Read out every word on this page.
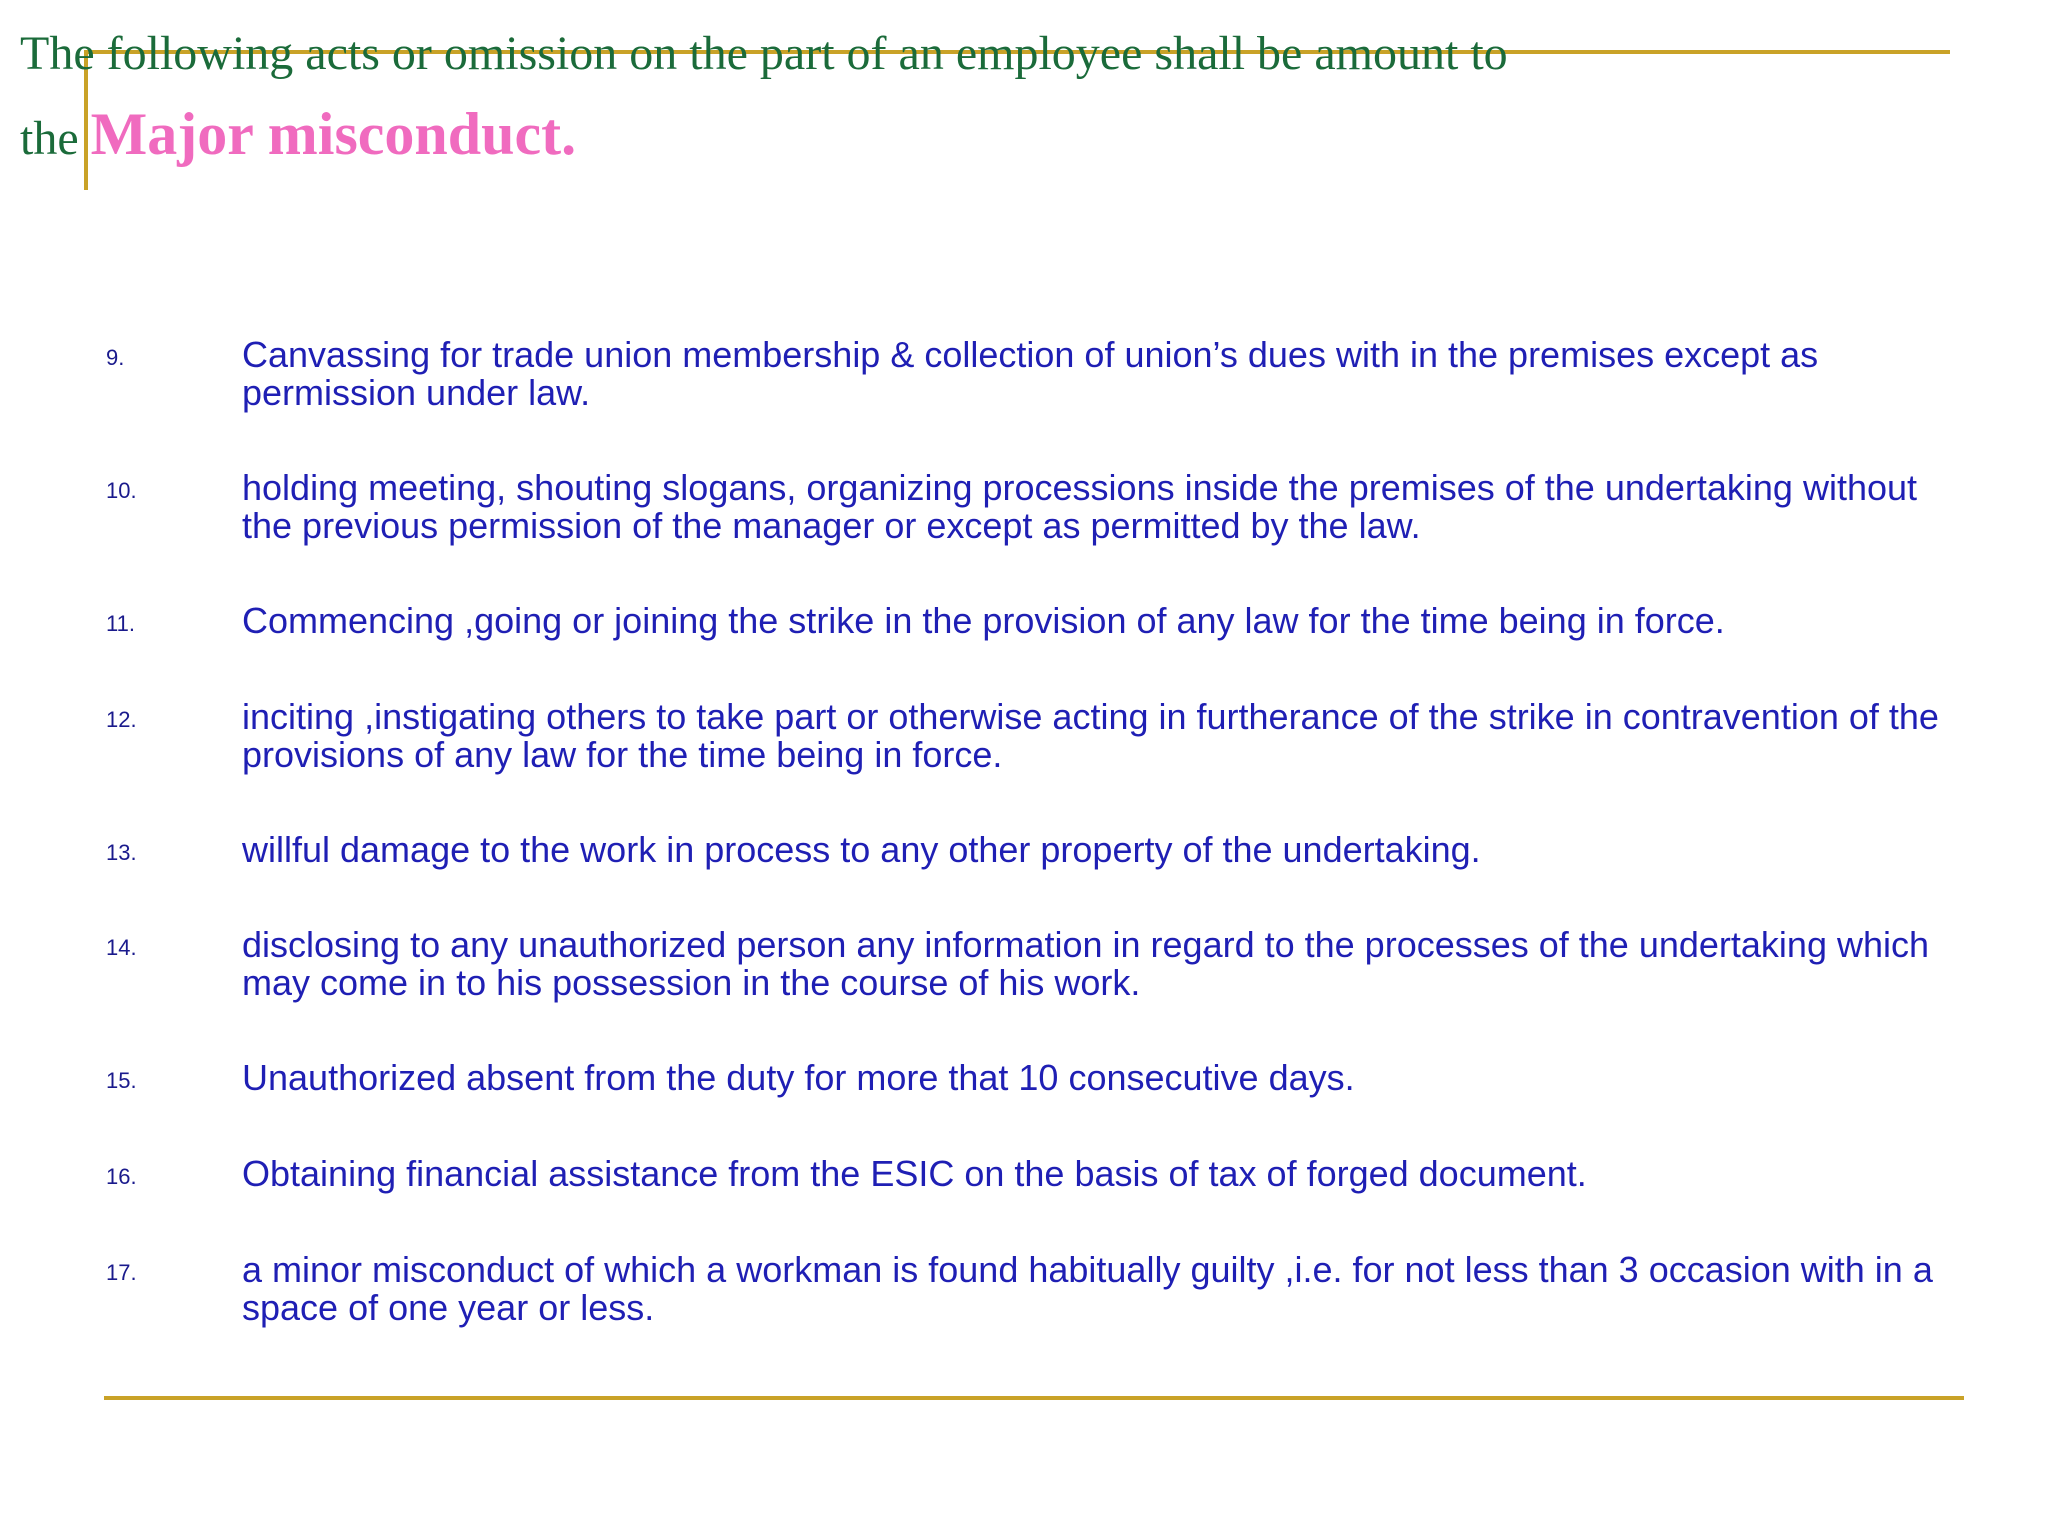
The following acts or omission on the part of an employee shall be amount to the Major misconduct.
9.	Canvassing for trade union membership & collection of union’s dues with in the premises except as permission under law.
10.	holding meeting, shouting slogans, organizing processions inside the premises of the undertaking without the previous permission of the manager or except as permitted by the law.
11.	Commencing ,going or joining the strike in the provision of any law for the time being in force.
12.	inciting ,instigating others to take part or otherwise acting in furtherance of the strike in contravention of the provisions of any law for the time being in force.
13.	willful damage to the work in process to any other property of the undertaking.
14.	disclosing to any unauthorized person any information in regard to the processes of the undertaking which may come in to his possession in the course of his work.
15.	Unauthorized absent from the duty for more that 10 consecutive days.
16.	Obtaining financial assistance from the ESIC on the basis of tax of forged document.
17.	a minor misconduct of which a workman is found habitually guilty ,i.e. for not less than 3 occasion with in a space of one year or less.
